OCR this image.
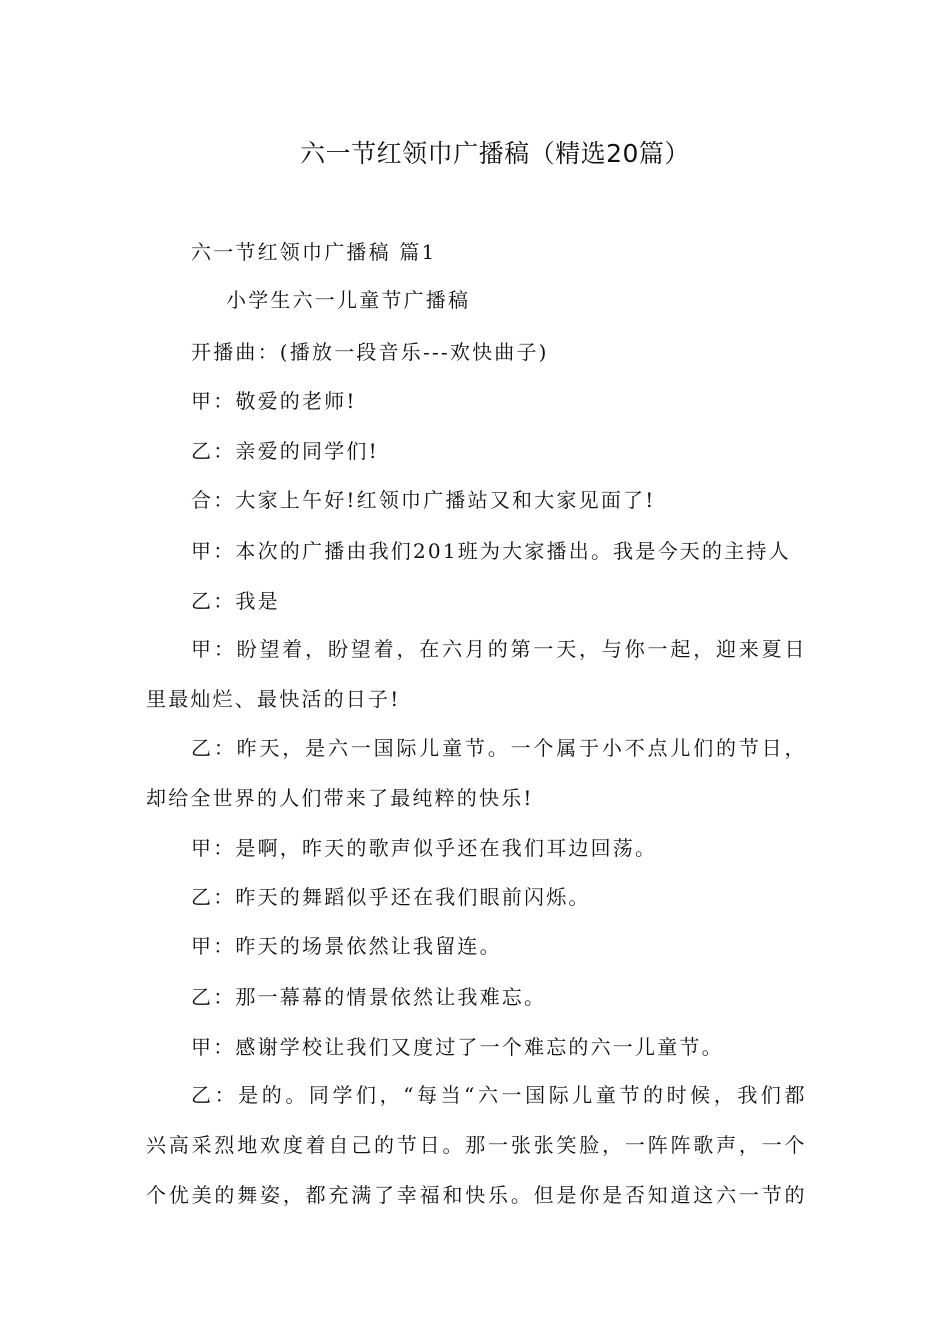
六一节红领巾广播稿（精选20篇）
六一节红领巾广播稿 篇1
小学生六一儿童节广播稿
开播曲：(播放一段音乐---欢快曲子)
甲：敬爱的老师!
乙：亲爱的同学们!
合：大家上午好!红领巾广播站又和大家见面了!
甲：本次的广播由我们201班为大家播出。我是今天的主持人
乙：我是
甲：盼望着，盼望着，在六月的第一天，与你一起，迎来夏日
里最灿烂、最快活的日子!
乙：昨天，是六一国际儿童节。一个属于小不点儿们的节日，
却给全世界的人们带来了最纯粹的快乐!
甲：是啊，昨天的歌声似乎还在我们耳边回荡。
乙：昨天的舞蹈似乎还在我们眼前闪烁。
甲：昨天的场景依然让我留连。
乙：那一幕幕的情景依然让我难忘。
甲：感谢学校让我们又度过了一个难忘的六一儿童节。
乙：是的。同学们，“每当“六一国际儿童节的时候，我们都
兴高采烈地欢度着自己的节日。那一张张笑脸，一阵阵歌声，一个
个优美的舞姿，都充满了幸福和快乐。但是你是否知道这六一节的
